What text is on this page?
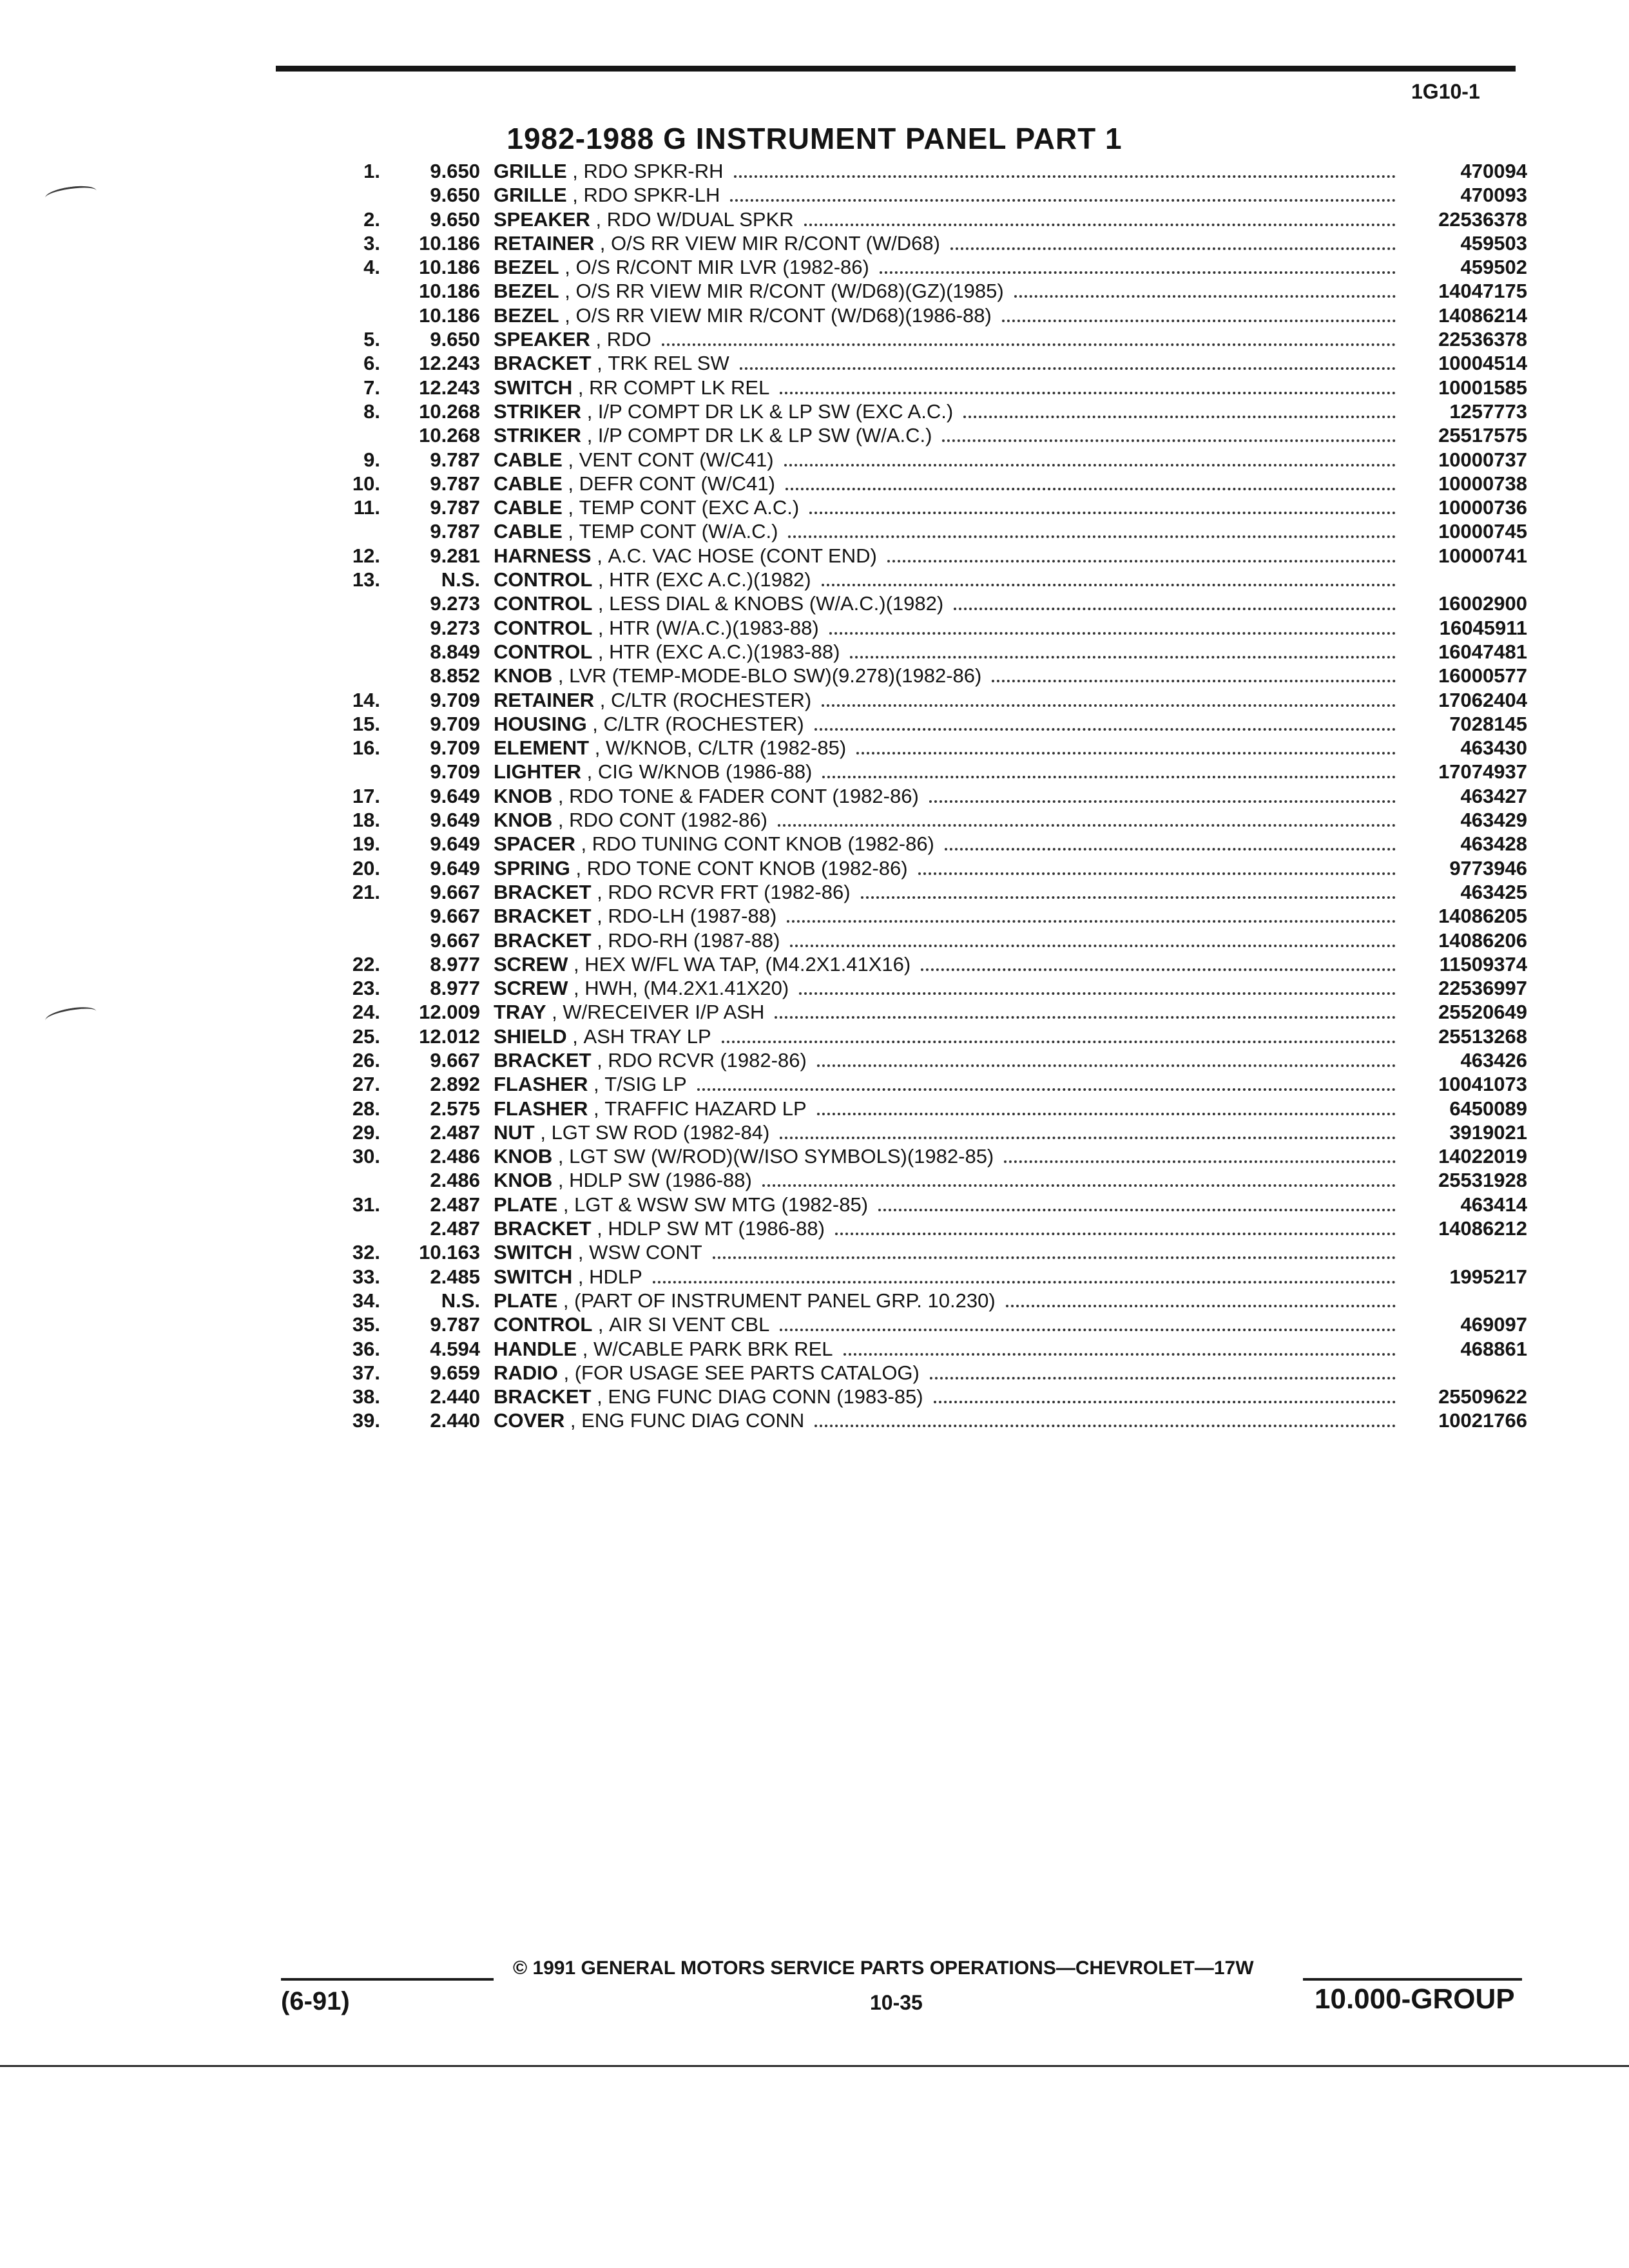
1G10-1
1982-1988 G INSTRUMENT PANEL PART 1
1.	9.650 GRILLE , RDO SPKR-RH	470094
9.650 GRILLE , RDO SPKR-LH	470093
2.	9.650 SPEAKER , RDO W/DUAL SPKR	22536378
3.	10.186 RETAINER , O/S RR VIEW MIR R/CONT (W/D68)	459503
4.	10.186 BEZEL , O/S R/CONT MIR LVR (1982-86)	459502
10.186 BEZEL , O/S RR VIEW MIR R/CONT (W/D68)(GZ)(1985)	14047175
10.186 BEZEL , O/S RR VIEW MIR R/CONT (W/D68)(1986-88)	14086214
5.	9.650 SPEAKER , RDO	22536378
6.	12.243 BRACKET , TRK REL SW	10004514
7.	12.243 SWITCH , RR COMPT LK REL	10001585
8.	10.268 STRIKER , I/P COMPT DR LK & LP SW (EXC A.C.)	1257773
10.268 STRIKER , I/P COMPT DR LK & LP SW (W/A.C.)	25517575
9.	9.787 CABLE , VENT CONT (W/C41)	10000737
10.	9.787 CABLE , DEFR CONT (W/C41)	10000738
11.	9.787 CABLE , TEMP CONT (EXC A.C.)	10000736
9.787 CABLE , TEMP CONT (W/A.C.)	10000745
12.	9.281 HARNESS , A.C. VAC HOSE (CONT END)	10000741
13.	N.S. CONTROL , HTR (EXC A.C.)(1982)
9.273 CONTROL , LESS DIAL & KNOBS (W/A.C.)(1982)	16002900
9.273 CONTROL , HTR (W/A.C.)(1983-88)	16045911
8.849 CONTROL , HTR (EXC A.C.)(1983-88)	16047481
8.852 KNOB , LVR (TEMP-MODE-BLO SW)(9.278)(1982-86)	16000577
14.	9.709 RETAINER , C/LTR (ROCHESTER)	17062404
15.	9.709 HOUSING , C/LTR (ROCHESTER)	7028145
16.	9.709 ELEMENT , W/KNOB, C/LTR (1982-85)	463430
9.709 LIGHTER , CIG W/KNOB (1986-88)	17074937
17.	9.649 KNOB , RDO TONE & FADER CONT (1982-86)	463427
18.	9.649 KNOB , RDO CONT (1982-86)	463429
19.	9.649 SPACER , RDO TUNING CONT KNOB (1982-86)	463428
20.	9.649 SPRING , RDO TONE CONT KNOB (1982-86)	9773946
21.	9.667 BRACKET , RDO RCVR FRT (1982-86)	463425
9.667 BRACKET , RDO-LH (1987-88)	14086205
9.667 BRACKET , RDO-RH (1987-88)	14086206
22.	8.977 SCREW , HEX W/FL WA TAP, (M4.2X1.41X16)	11509374
23.	8.977 SCREW , HWH, (M4.2X1.41X20)	22536997
24.	12.009 TRAY , W/RECEIVER I/P ASH	25520649
25.	12.012 SHIELD , ASH TRAY LP	25513268
26.	9.667 BRACKET , RDO RCVR (1982-86)	463426
27.	2.892 FLASHER , T/SIG LP	10041073
28.	2.575 FLASHER , TRAFFIC HAZARD LP	6450089
29.	2.487 NUT , LGT SW ROD (1982-84)	3919021
30.	2.486 KNOB , LGT SW (W/ROD)(W/ISO SYMBOLS)(1982-85)	14022019
2.486 KNOB , HDLP SW (1986-88)	25531928
31.	2.487 PLATE , LGT & WSW SW MTG (1982-85)	463414
2.487 BRACKET , HDLP SW MT (1986-88)	14086212
32.	10.163 SWITCH , WSW CONT
33.	2.485 SWITCH , HDLP	1995217
34.	N.S. PLATE , (PART OF INSTRUMENT PANEL GRP. 10.230)
35.	9.787 CONTROL , AIR SI VENT CBL	469097
36.	4.594 HANDLE , W/CABLE PARK BRK REL	468861
37.	9.659 RADIO , (FOR USAGE SEE PARTS CATALOG)
38.	2.440 BRACKET , ENG FUNC DIAG CONN (1983-85)	25509622
39.	2.440 COVER , ENG FUNC DIAG CONN	10021766
© 1991 GENERAL MOTORS SERVICE PARTS OPERATIONS—CHEVROLET—17W
(6-91)	10-35	10.000-GROUP
